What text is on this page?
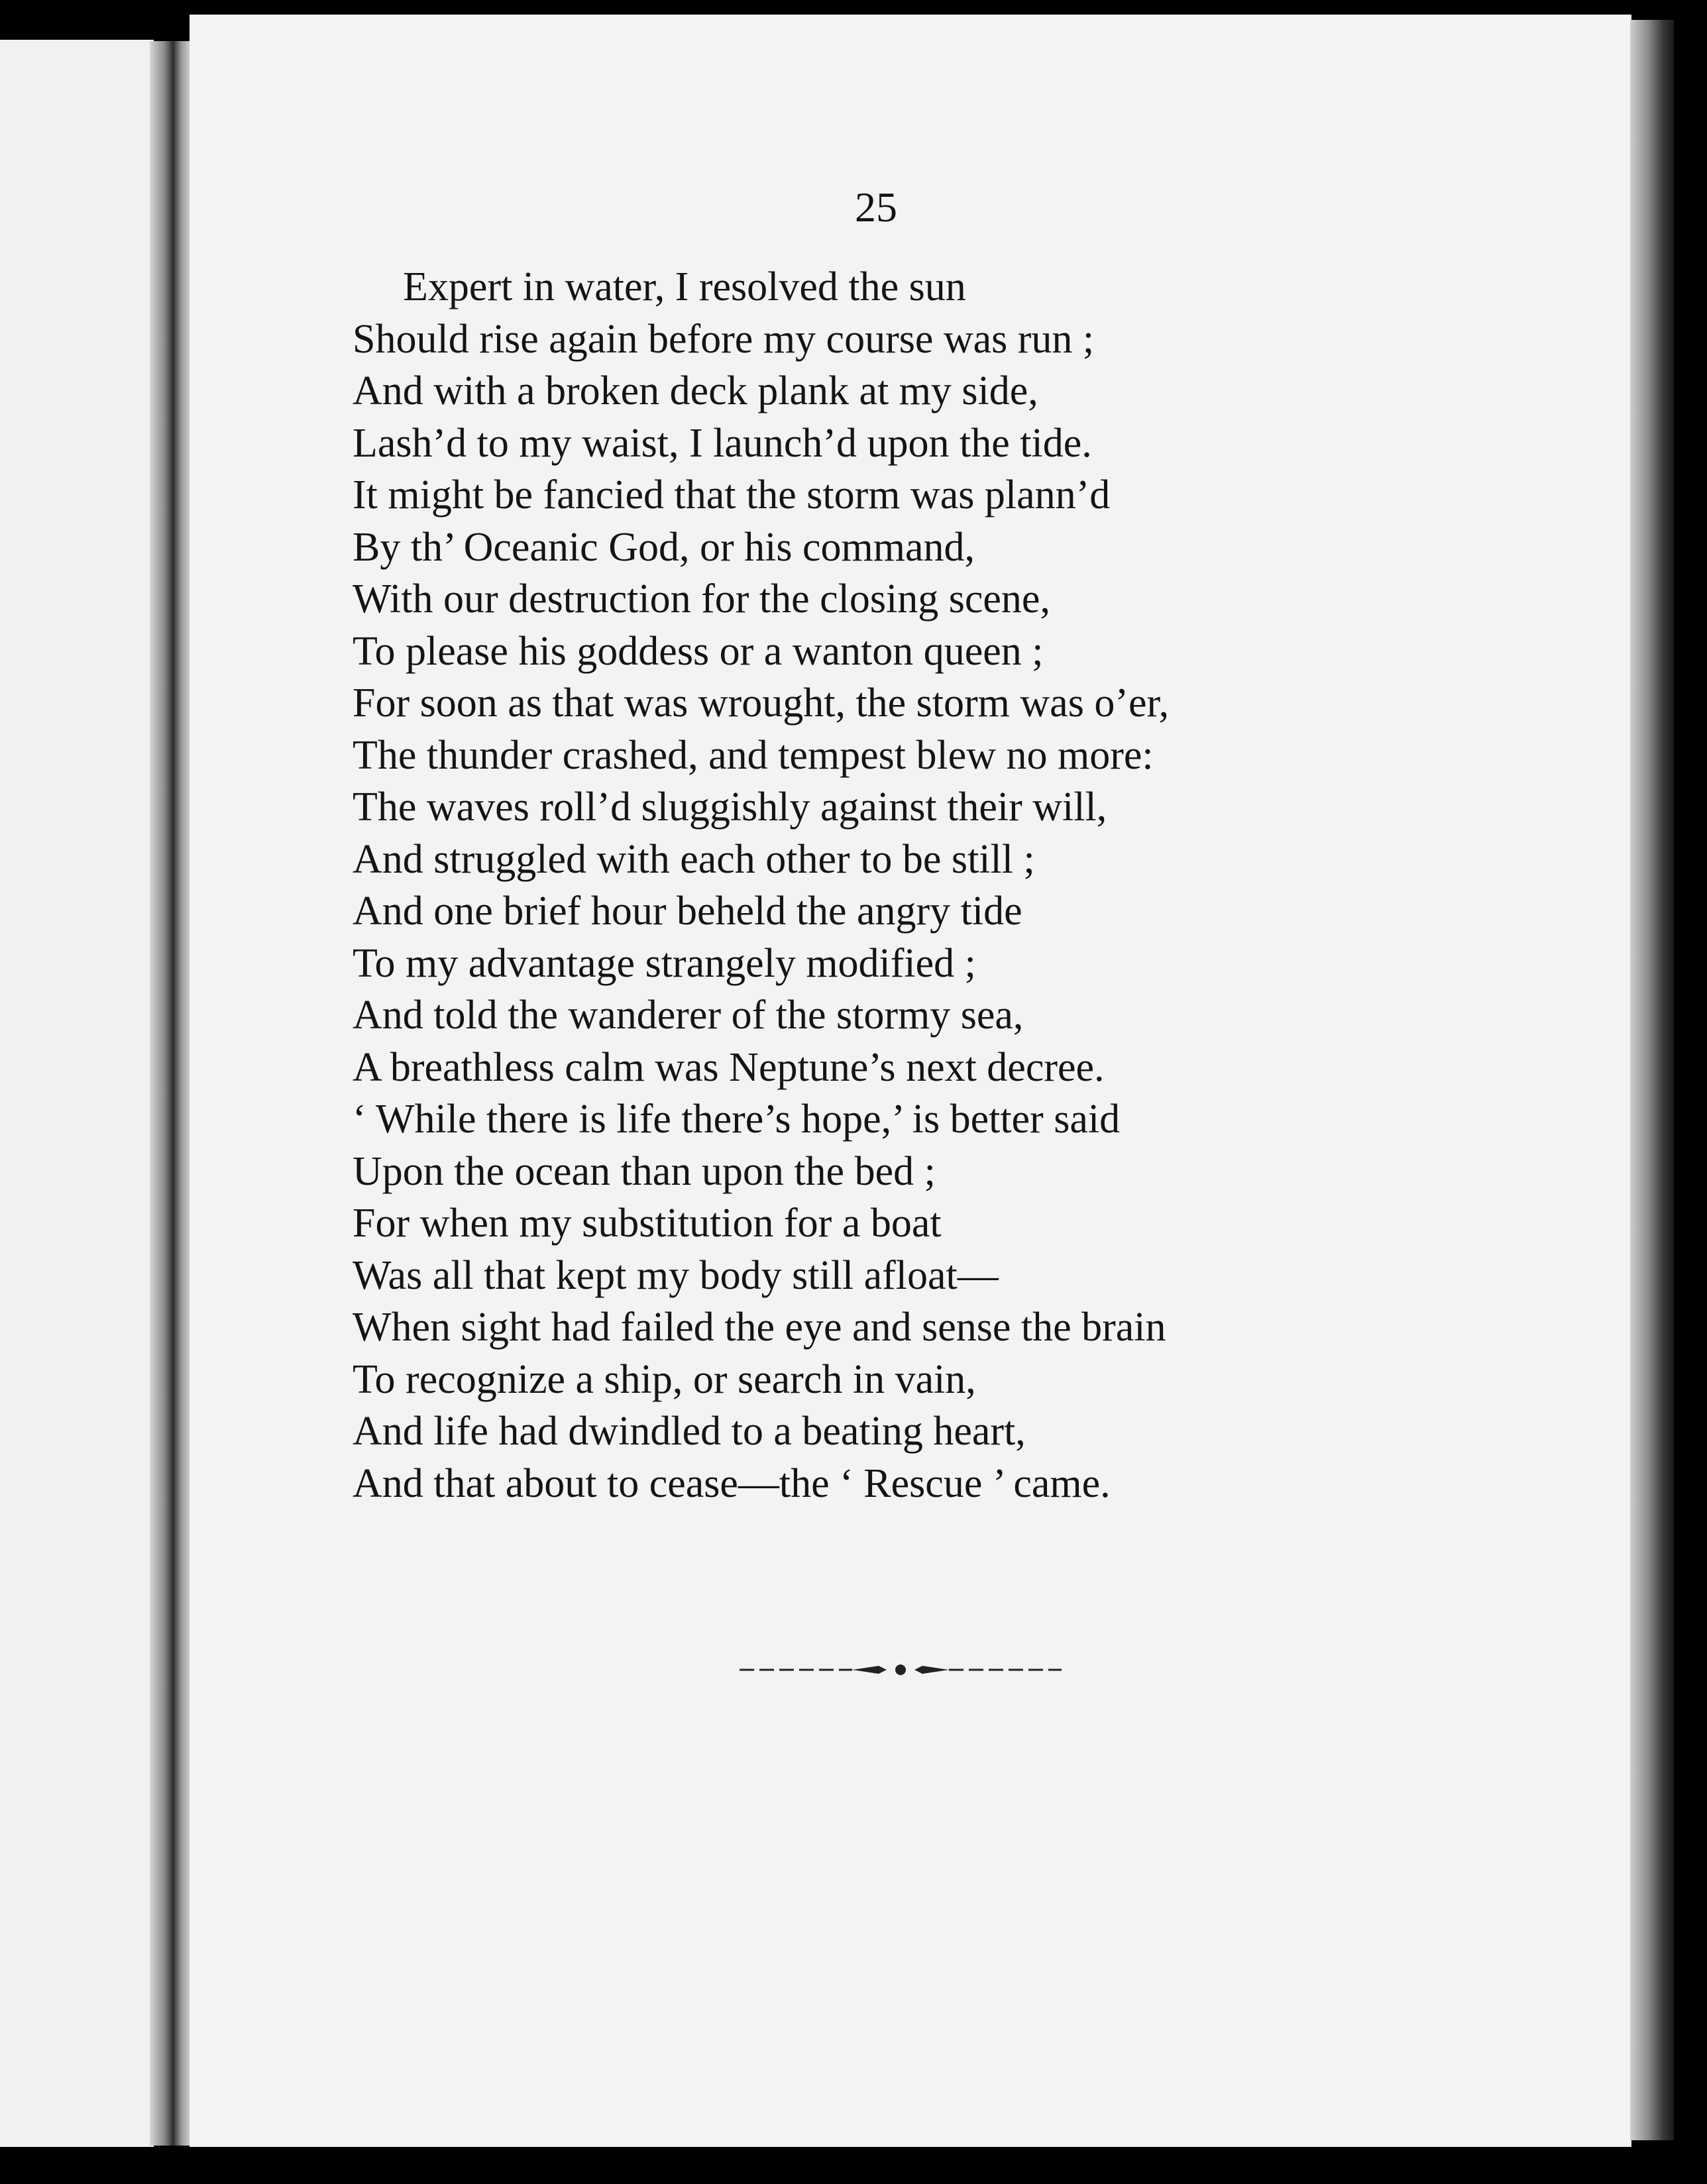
25
Expert in water, I resolved the sun
Should rise again before my course was run ;
And with a broken deck plank at my side,
Lash’d to my waist, I launch’d upon the tide.
It might be fancied that the storm was plann’d
By th’ Oceanic God, or his command,
With our destruction for the closing scene,
To please his goddess or a wanton queen ;
For soon as that was wrought, the storm was o’er,
The thunder crashed, and tempest blew no more:
The waves roll’d sluggishly against their will,
And struggled with each other to be still ;
And one brief hour beheld the angry tide
To my advantage strangely modified ;
And told the wanderer of the stormy sea,
A breathless calm was Neptune’s next decree.
‘ While there is life there’s hope,’ is better said
Upon the ocean than upon the bed ;
For when my substitution for a boat
Was all that kept my body still afloat—
When sight had failed the eye and sense the brain
To recognize a ship, or search in vain,
And life had dwindled to a beating heart,
And that about to cease—the ‘ Rescue ’ came.
